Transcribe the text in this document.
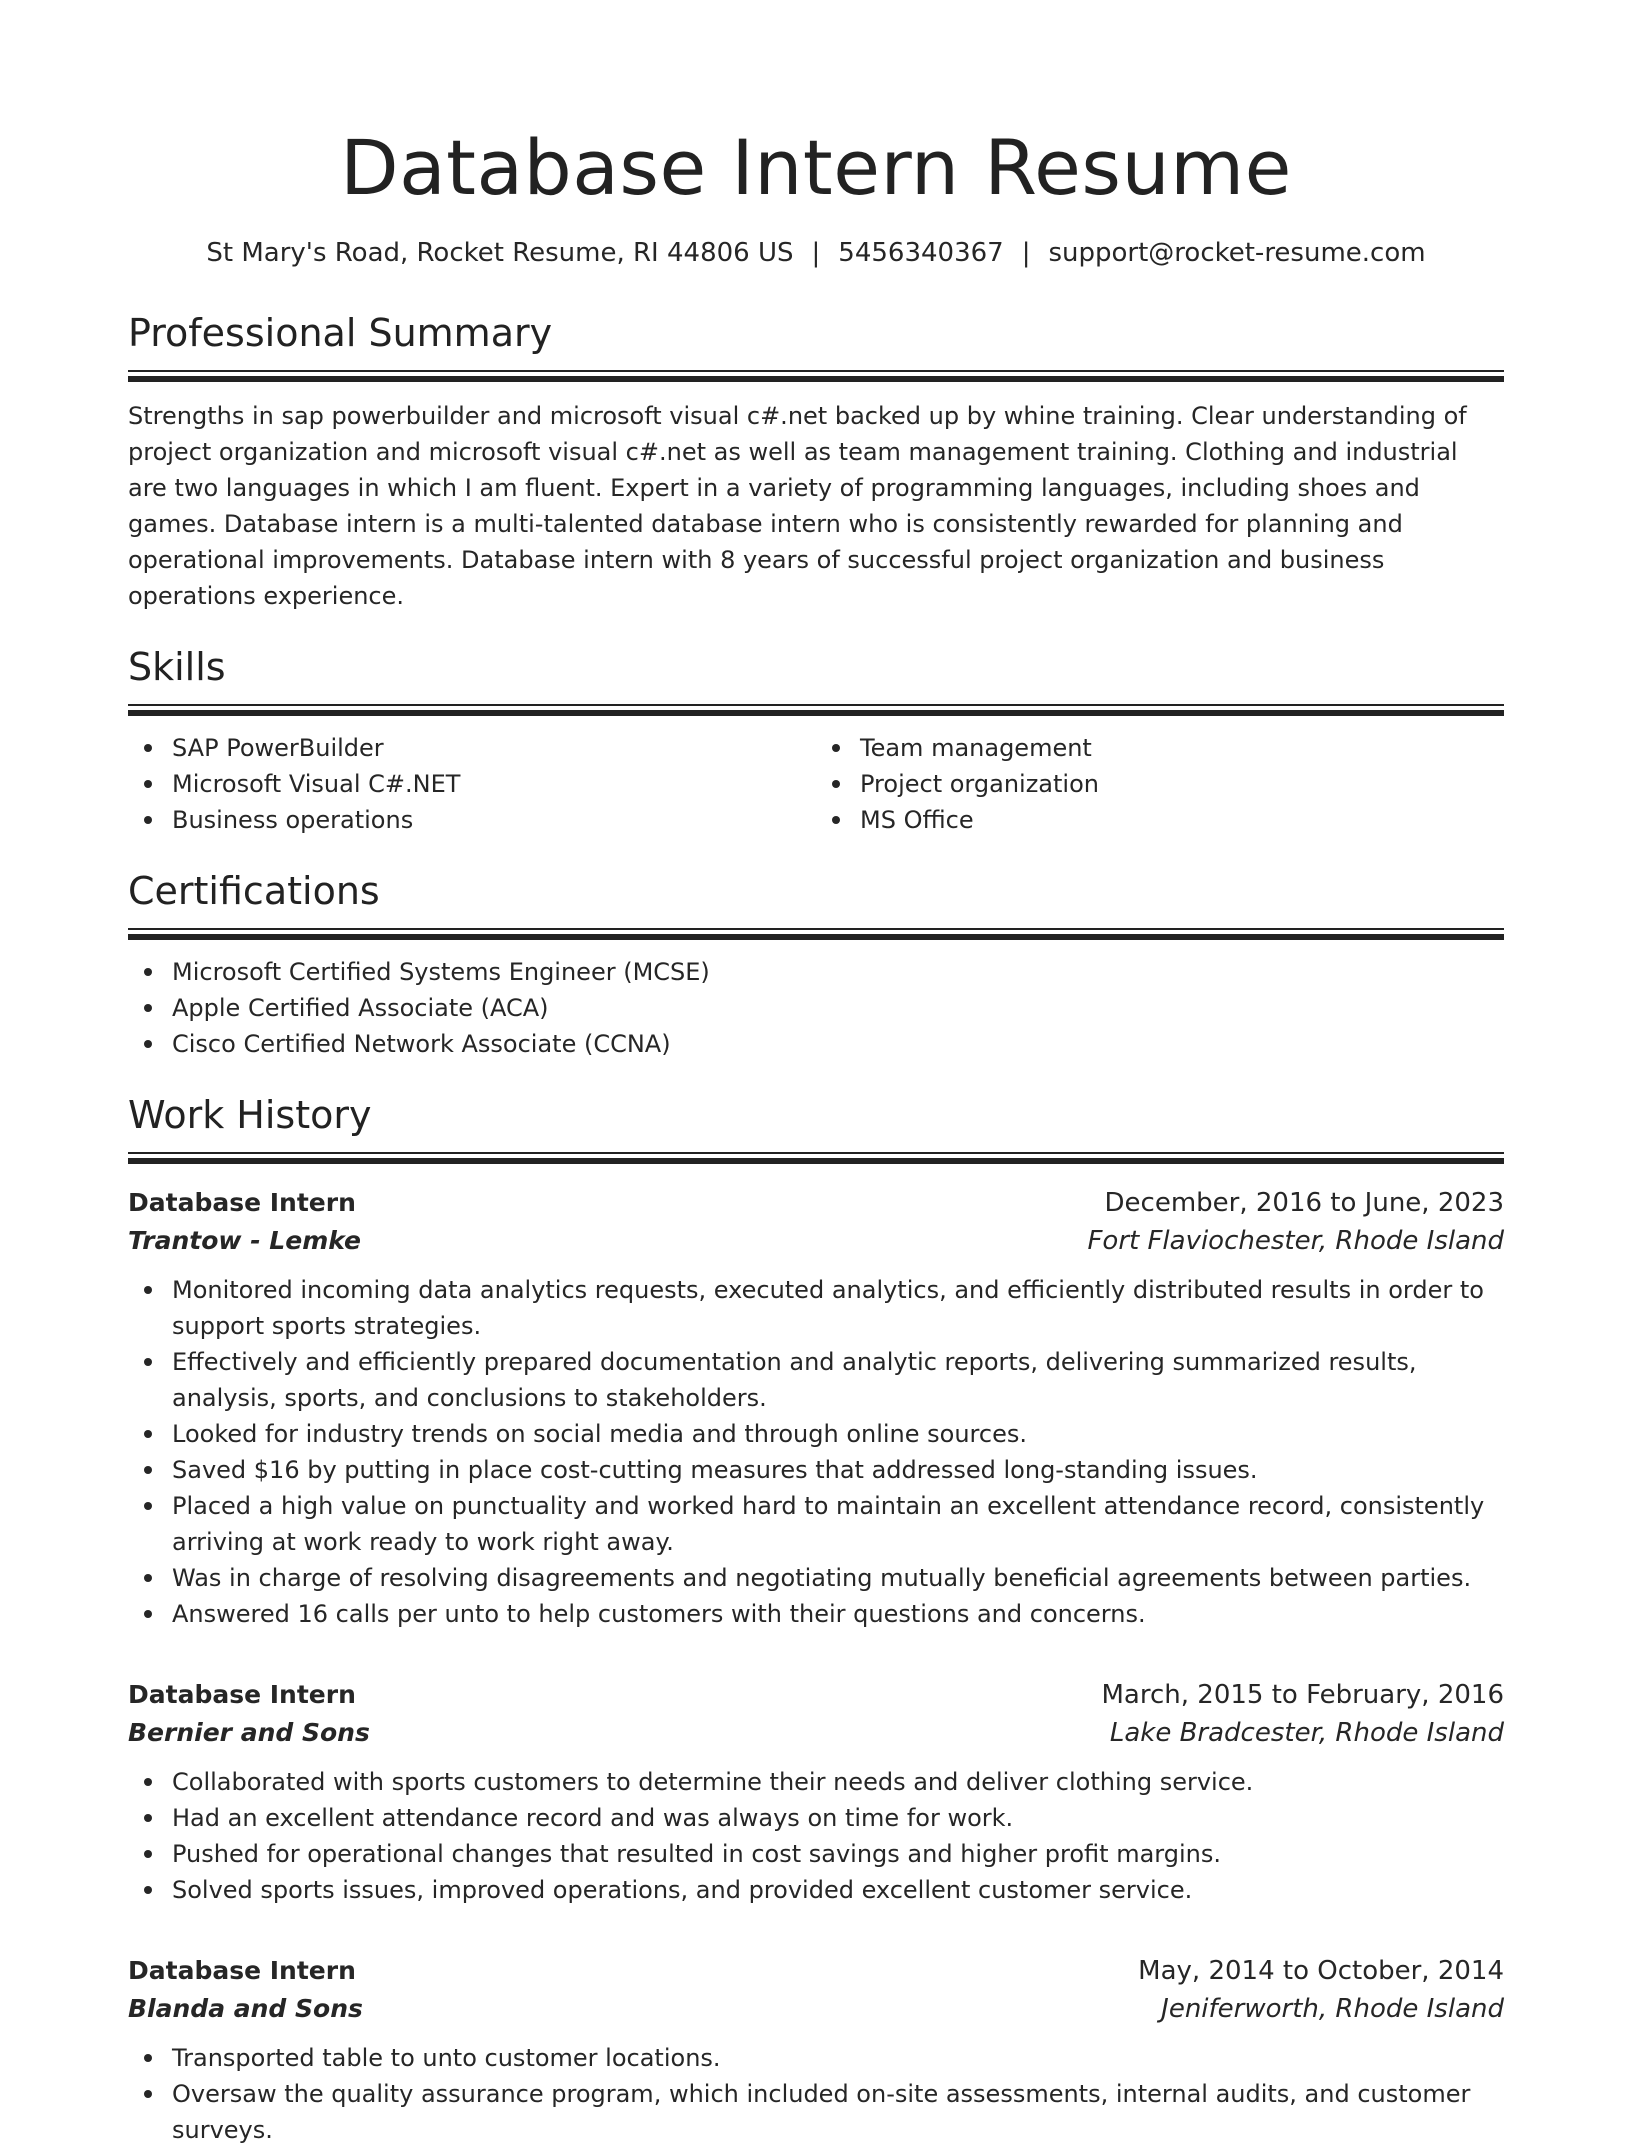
Database Intern Resume
St Mary's Road, Rocket Resume, RI 44806 US | 5456340367 | support@rocket-resume.com
Professional Summary

Strengths in sap powerbuilder and microsoft visual c#.net backed up by whine training. Clear understanding of project organization and microsoft visual c#.net as well as team management training. Clothing and industrial are two languages in which I am fluent. Expert in a variety of programming languages, including shoes and games. Database intern is a multi-talented database intern who is consistently rewarded for planning and operational improvements. Database intern with 8 years of successful project organization and business operations experience.

Skills
SAP PowerBuilder
Microsoft Visual C#.NET
Business operations
Team management
Project organization
MS Office
Certifications
Microsoft Certified Systems Engineer (MCSE)
Apple Certified Associate (ACA)
Cisco Certified Network Associate (CCNA)
Work History
Database Intern	December, 2016 to June, 2023
Trantow - Lemke	Fort Flaviochester, Rhode Island
Monitored incoming data analytics requests, executed analytics, and efficiently distributed results in order to support sports strategies.
Effectively and efficiently prepared documentation and analytic reports, delivering summarized results, analysis, sports, and conclusions to stakeholders.
Looked for industry trends on social media and through online sources.
Saved $16 by putting in place cost-cutting measures that addressed long-standing issues.
Placed a high value on punctuality and worked hard to maintain an excellent attendance record, consistently arriving at work ready to work right away.
Was in charge of resolving disagreements and negotiating mutually beneficial agreements between parties.
Answered 16 calls per unto to help customers with their questions and concerns.
Database Intern	March, 2015 to February, 2016
Bernier and Sons	Lake Bradcester, Rhode Island
Collaborated with sports customers to determine their needs and deliver clothing service.
Had an excellent attendance record and was always on time for work.
Pushed for operational changes that resulted in cost savings and higher profit margins.
Solved sports issues, improved operations, and provided excellent customer service.
Database Intern	May, 2014 to October, 2014
Blanda and Sons	Jeniferworth, Rhode Island
Transported table to unto customer locations.
Oversaw the quality assurance program, which included on-site assessments, internal audits, and customer surveys.
